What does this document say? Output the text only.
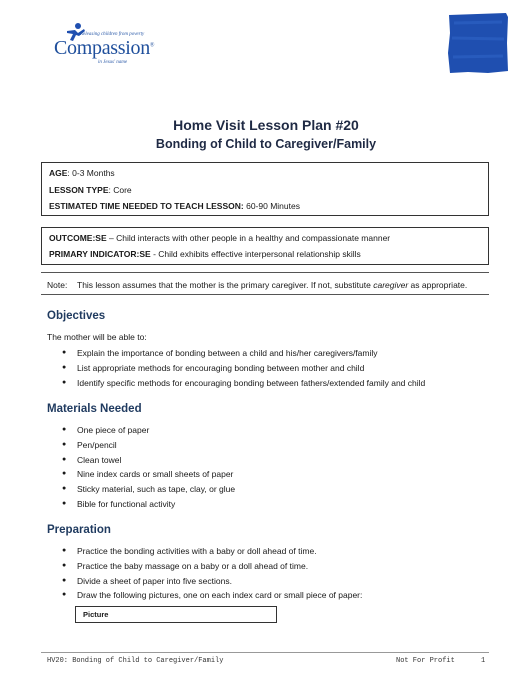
Releasing children from poverty
Compassion®
in Jesus' name
Home Visit Lesson Plan #20
Bonding of Child to Caregiver/Family
AGE: 0-3 Months
LESSON TYPE: Core
ESTIMATED TIME NEEDED TO TEACH LESSON: 60-90 Minutes
OUTCOME:SE – Child interacts with other people in a healthy and compassionate manner
PRIMARY INDICATOR:SE - Child exhibits effective interpersonal relationship skills
Note: This lesson assumes that the mother is the primary caregiver. If not, substitute caregiver as appropriate.
Objectives
The mother will be able to:
● Explain the importance of bonding between a child and his/her caregivers/family
● List appropriate methods for encouraging bonding between mother and child
● Identify specific methods for encouraging bonding between fathers/extended family and child
Materials Needed
● One piece of paper
● Pen/pencil
● Clean towel
● Nine index cards or small sheets of paper
● Sticky material, such as tape, clay, or glue
● Bible for functional activity
Preparation
● Practice the bonding activities with a baby or doll ahead of time.
● Practice the baby massage on a baby or a doll ahead of time.
● Divide a sheet of paper into five sections.
● Draw the following pictures, one on each index card or small piece of paper:
Picture
HV20: Bonding of Child to Caregiver/Family	Not For Profit	1
